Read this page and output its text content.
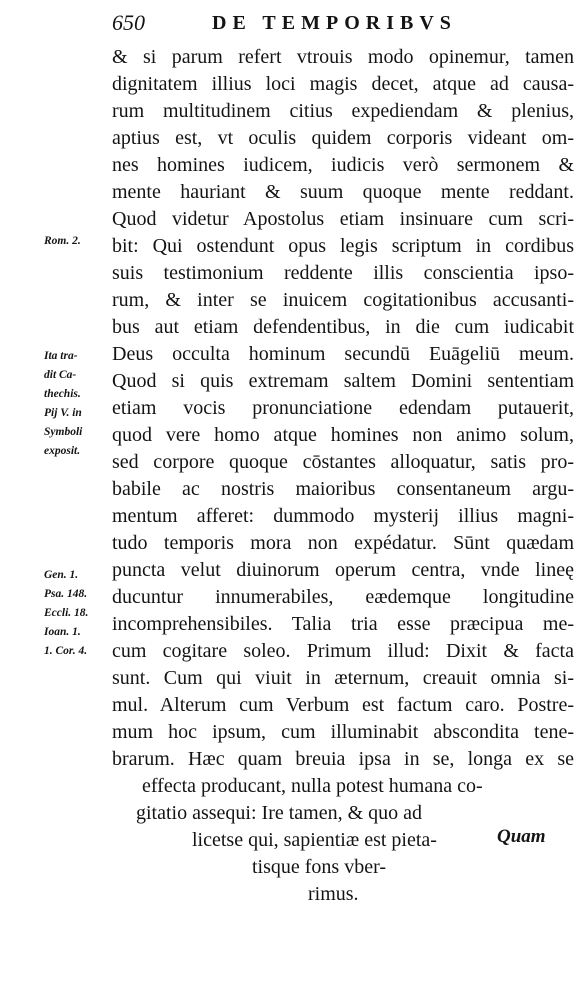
650	DE TEMPORIBVS
& si parum refert vtrouis modo opinemur, tamen
dignitatem illius loci magis decet, atque ad causa-
rum multitudinem citius expediendam & plenius,
aptius est, vt oculis quidem corporis videant om-
nes homines iudicem, iudicis verò sermonem &
mente hauriant & suum quoque mente reddant.
Quod videtur Apostolus etiam insinuare cum scri-
bit: Qui ostendunt opus legis scriptum in cordibus
suis testimonium reddente illis conscientia ipso-
rum, & inter se inuicem cogitationibus accusanti-
bus aut etiam defendentibus, in die cum iudicabit
Deus occulta hominum secundū Euāgeliū meum.
Quod si quis extremam saltem Domini sententiam
etiam vocis pronunciatione edendam putauerit,
quod vere homo atque homines non animo solum,
sed corpore quoque cōstantes alloquatur, satis pro-
babile ac nostris maioribus consentaneum argu-
mentum afferet: dummodo mysterij illius magni-
tudo temporis mora non expédatur. Sūnt quædam
puncta velut diuinorum operum centra, vnde lineę
ducuntur innumerabiles, eædemque longitudine
incomprehensibiles. Talia tria esse præcipua me-
cum cogitare soleo. Primum illud: Dixit & facta
sunt. Cum qui viuit in æternum, creauit omnia si-
mul. Alterum cum Verbum est factum caro. Postre-
mum hoc ipsum, cum illuminabit abscondita tene-
brarum. Hæc quam breuia ipsa in se, longa ex se
effecta producant, nulla potest humana co-
gitatio assequi: Ire tamen, & quo ad
licetse qui, sapientiæ est pieta-
tisque fons vber-
rimus.
Rom. 2.
Ita tra-
dit Ca-
thechis.
Pij V. in
Symboli
exposit.
Gen. 1.
Psa. 148.
Eccli. 18.
Ioan. 1.
1. Cor. 4.
Quam
